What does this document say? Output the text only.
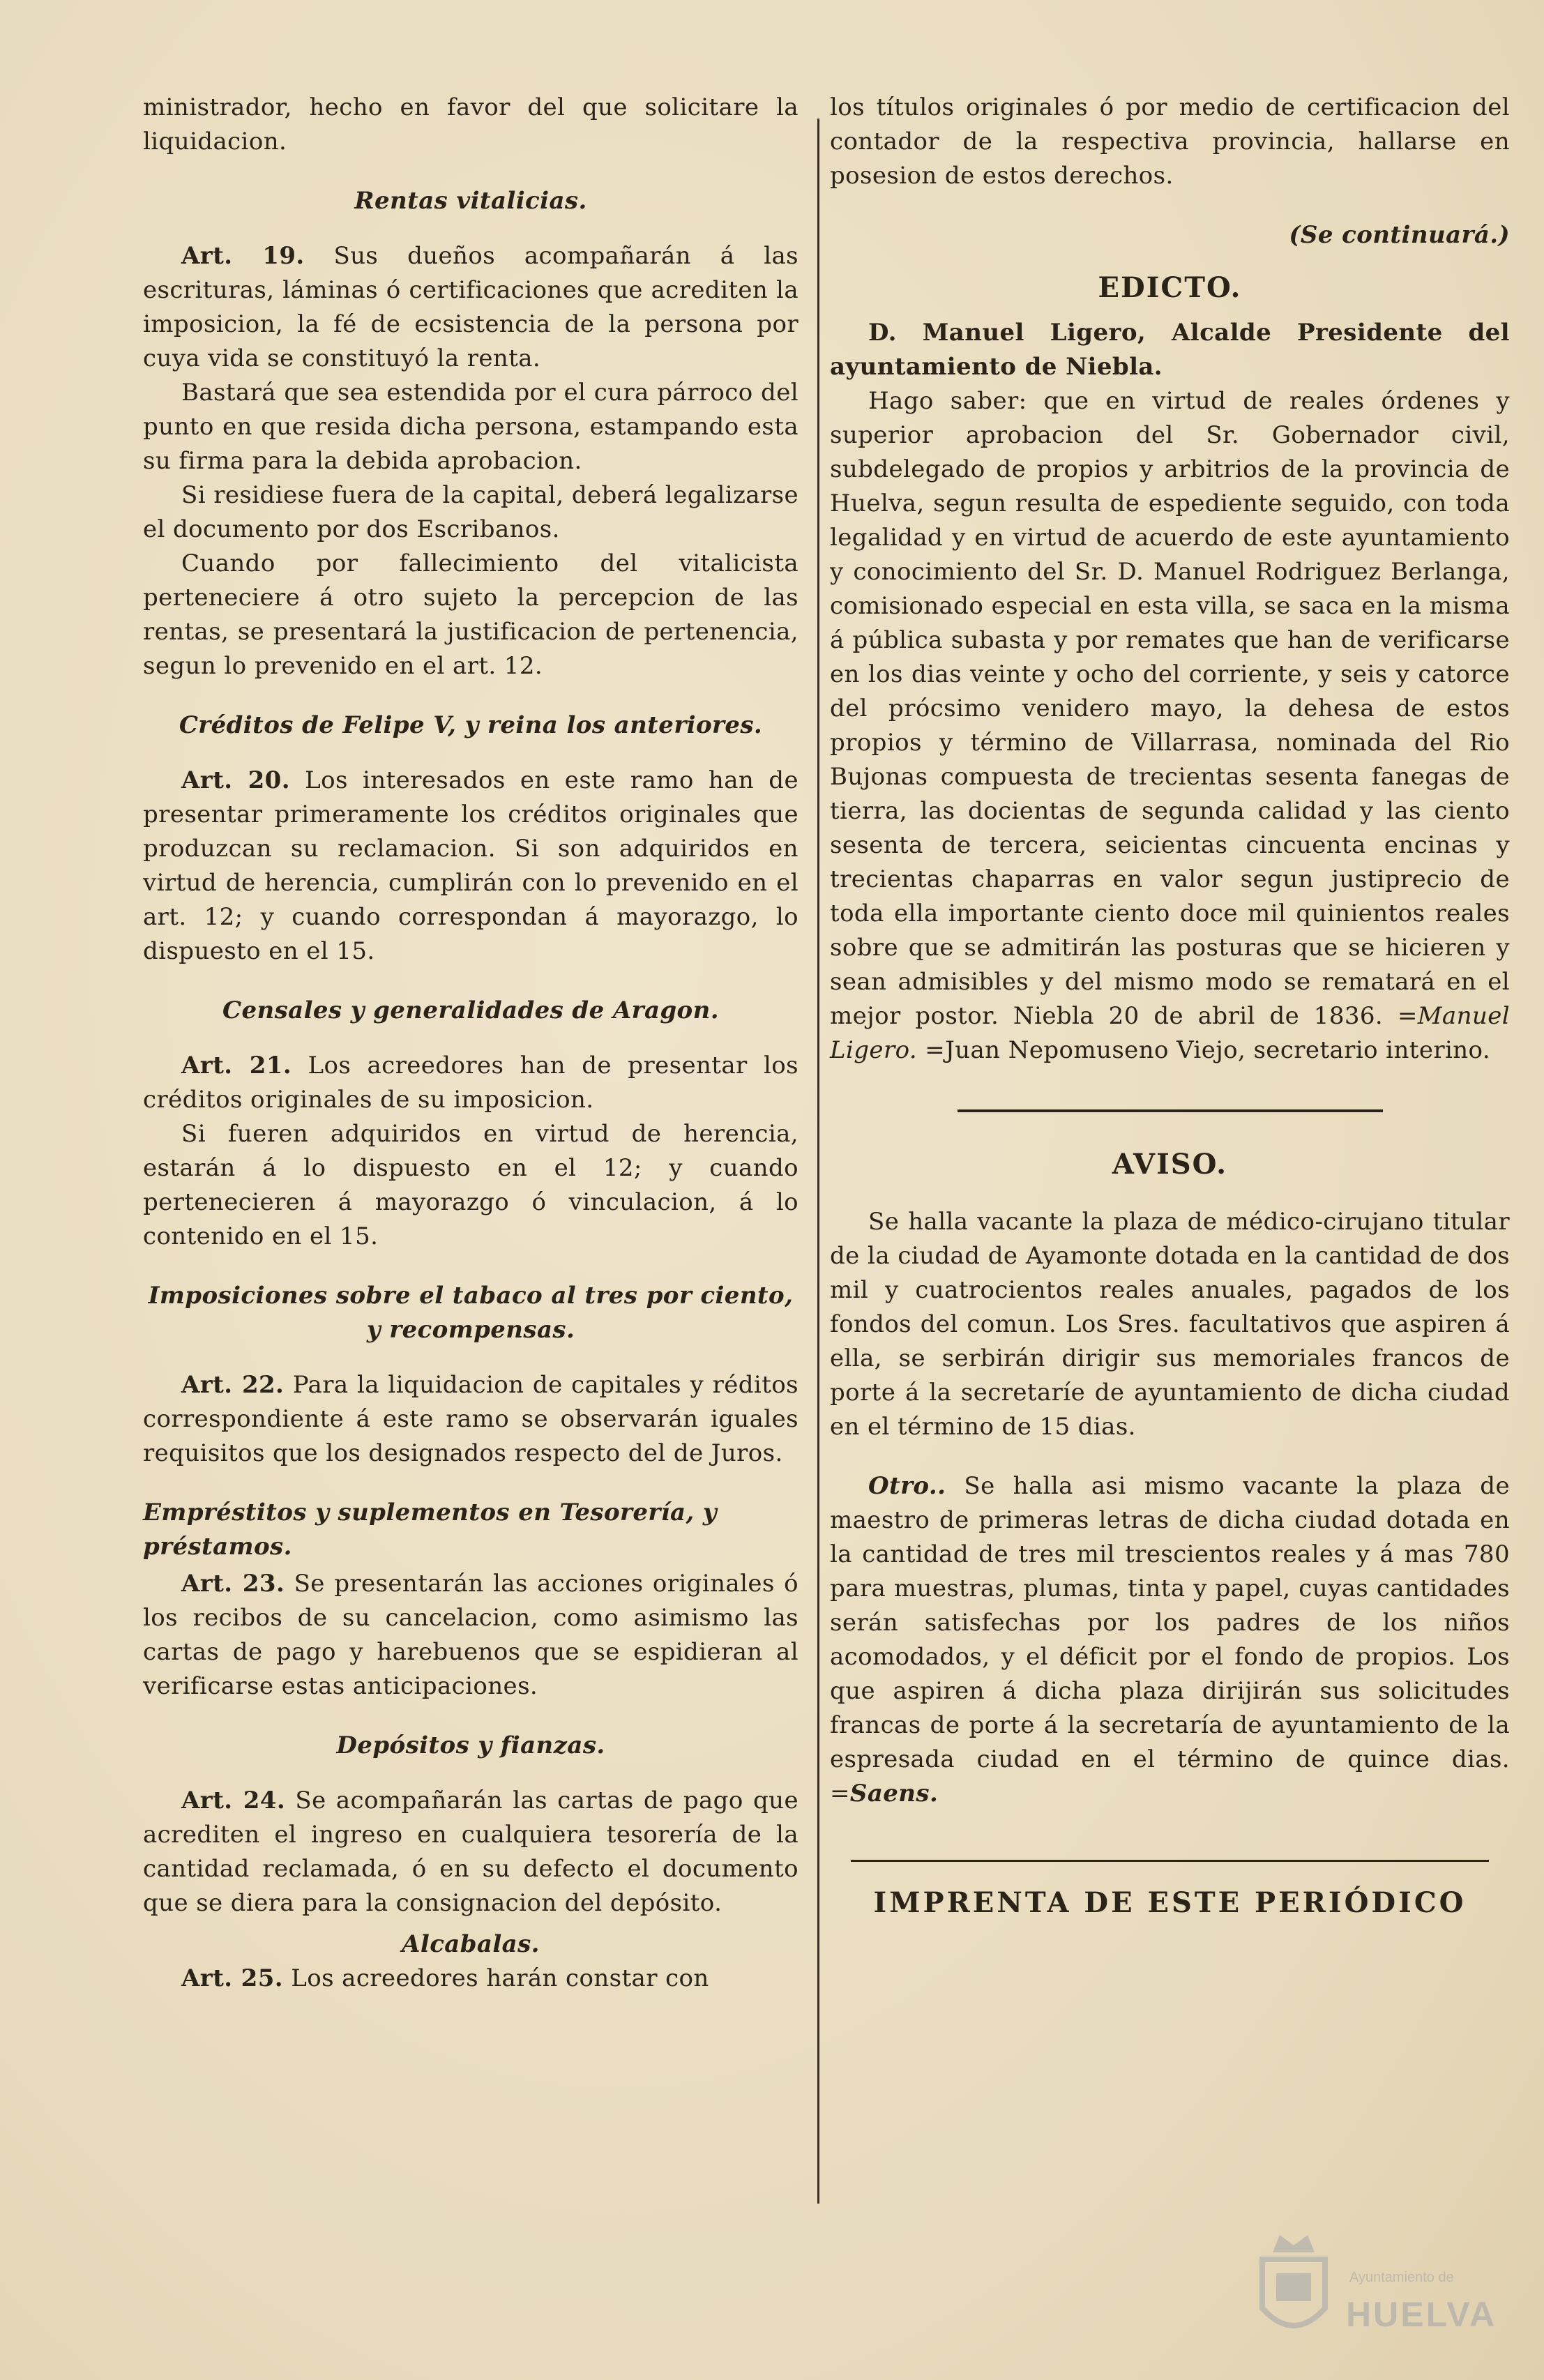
ministrador, hecho en favor del que solicitare la liquidacion.

Rentas vitalicias.

Art. 19. Sus dueños acompañarán á las escrituras, láminas ó certificaciones que acrediten la imposicion, la fé de ecsistencia de la persona por cuya vida se constituyó la renta.

Bastará que sea estendida por el cura párroco del punto en que resida dicha persona, estampando esta su firma para la debida aprobacion.

Si residiese fuera de la capital, deberá legalizarse el documento por dos Escribanos.

Cuando por fallecimiento del vitalicista perteneciere á otro sujeto la percepcion de las rentas, se presentará la justificacion de pertenencia, segun lo prevenido en el art. 12.

Créditos de Felipe V, y reina los anteriores.

Art. 20. Los interesados en este ramo han de presentar primeramente los créditos originales que produzcan su reclamacion. Si son adquiridos en virtud de herencia, cumplirán con lo prevenido en el art. 12; y cuando correspondan á mayorazgo, lo dispuesto en el 15.

Censales y generalidades de Aragon.

Art. 21. Los acreedores han de presentar los créditos originales de su imposicion.

Si fueren adquiridos en virtud de herencia, estarán á lo dispuesto en el 12; y cuando pertenecieren á mayorazgo ó vinculacion, á lo contenido en el 15.

Imposiciones sobre el tabaco al tres por ciento, y recompensas.

Art. 22. Para la liquidacion de capitales y réditos correspondiente á este ramo se observarán iguales requisitos que los designados respecto del de Juros.

Empréstitos y suplementos en Tesorería, y préstamos.

Art. 23. Se presentarán las acciones originales ó los recibos de su cancelacion, como asimismo las cartas de pago y harebuenos que se espidieran al verificarse estas anticipaciones.

Depósitos y fianzas.

Art. 24. Se acompañarán las cartas de pago que acrediten el ingreso en cualquiera tesorería de la cantidad reclamada, ó en su defecto el documento que se diera para la consignacion del depósito.

Alcabalas.

Art. 25. Los acreedores harán constar con

los títulos originales ó por medio de certificacion del contador de la respectiva provincia, hallarse en posesion de estos derechos.

(Se continuará.)

EDICTO.

D. Manuel Ligero, Alcalde Presidente del ayuntamiento de Niebla.

Hago saber: que en virtud de reales órdenes y superior aprobacion del Sr. Gobernador civil, subdelegado de propios y arbitrios de la provincia de Huelva, segun resulta de espediente seguido, con toda legalidad y en virtud de acuerdo de este ayuntamiento y conocimiento del Sr. D. Manuel Rodriguez Berlanga, comisionado especial en esta villa, se saca en la misma á pública subasta y por remates que han de verificarse en los dias veinte y ocho del corriente, y seis y catorce del prócsimo venidero mayo, la dehesa de estos propios y término de Villarrasa, nominada del Rio Bujonas compuesta de trecientas sesenta fanegas de tierra, las docientas de segunda calidad y las ciento sesenta de tercera, seicientas cincuenta encinas y trecientas chaparras en valor segun justiprecio de toda ella importante ciento doce mil quinientos reales sobre que se admitirán las posturas que se hicieren y sean admisibles y del mismo modo se rematará en el mejor postor. Niebla 20 de abril de 1836. =Manuel Ligero. =Juan Nepomuseno Viejo, secretario interino.

AVISO.

Se halla vacante la plaza de médico-cirujano titular de la ciudad de Ayamonte dotada en la cantidad de dos mil y cuatrocientos reales anuales, pagados de los fondos del comun. Los Sres. facultativos que aspiren á ella, se serbirán dirigir sus memoriales francos de porte á la secretaríe de ayuntamiento de dicha ciudad en el término de 15 dias.

Otro.. Se halla asi mismo vacante la plaza de maestro de primeras letras de dicha ciudad dotada en la cantidad de tres mil trescientos reales y á mas 780 para muestras, plumas, tinta y papel, cuyas cantidades serán satisfechas por los padres de los niños acomodados, y el déficit por el fondo de propios. Los que aspiren á dicha plaza dirijirán sus solicitudes francas de porte á la secretaría de ayuntamiento de la espresada ciudad en el término de quince dias. =Saens.

IMPRENTA DE ESTE PERIÓDICO

Ayuntamiento de
HUELVA
